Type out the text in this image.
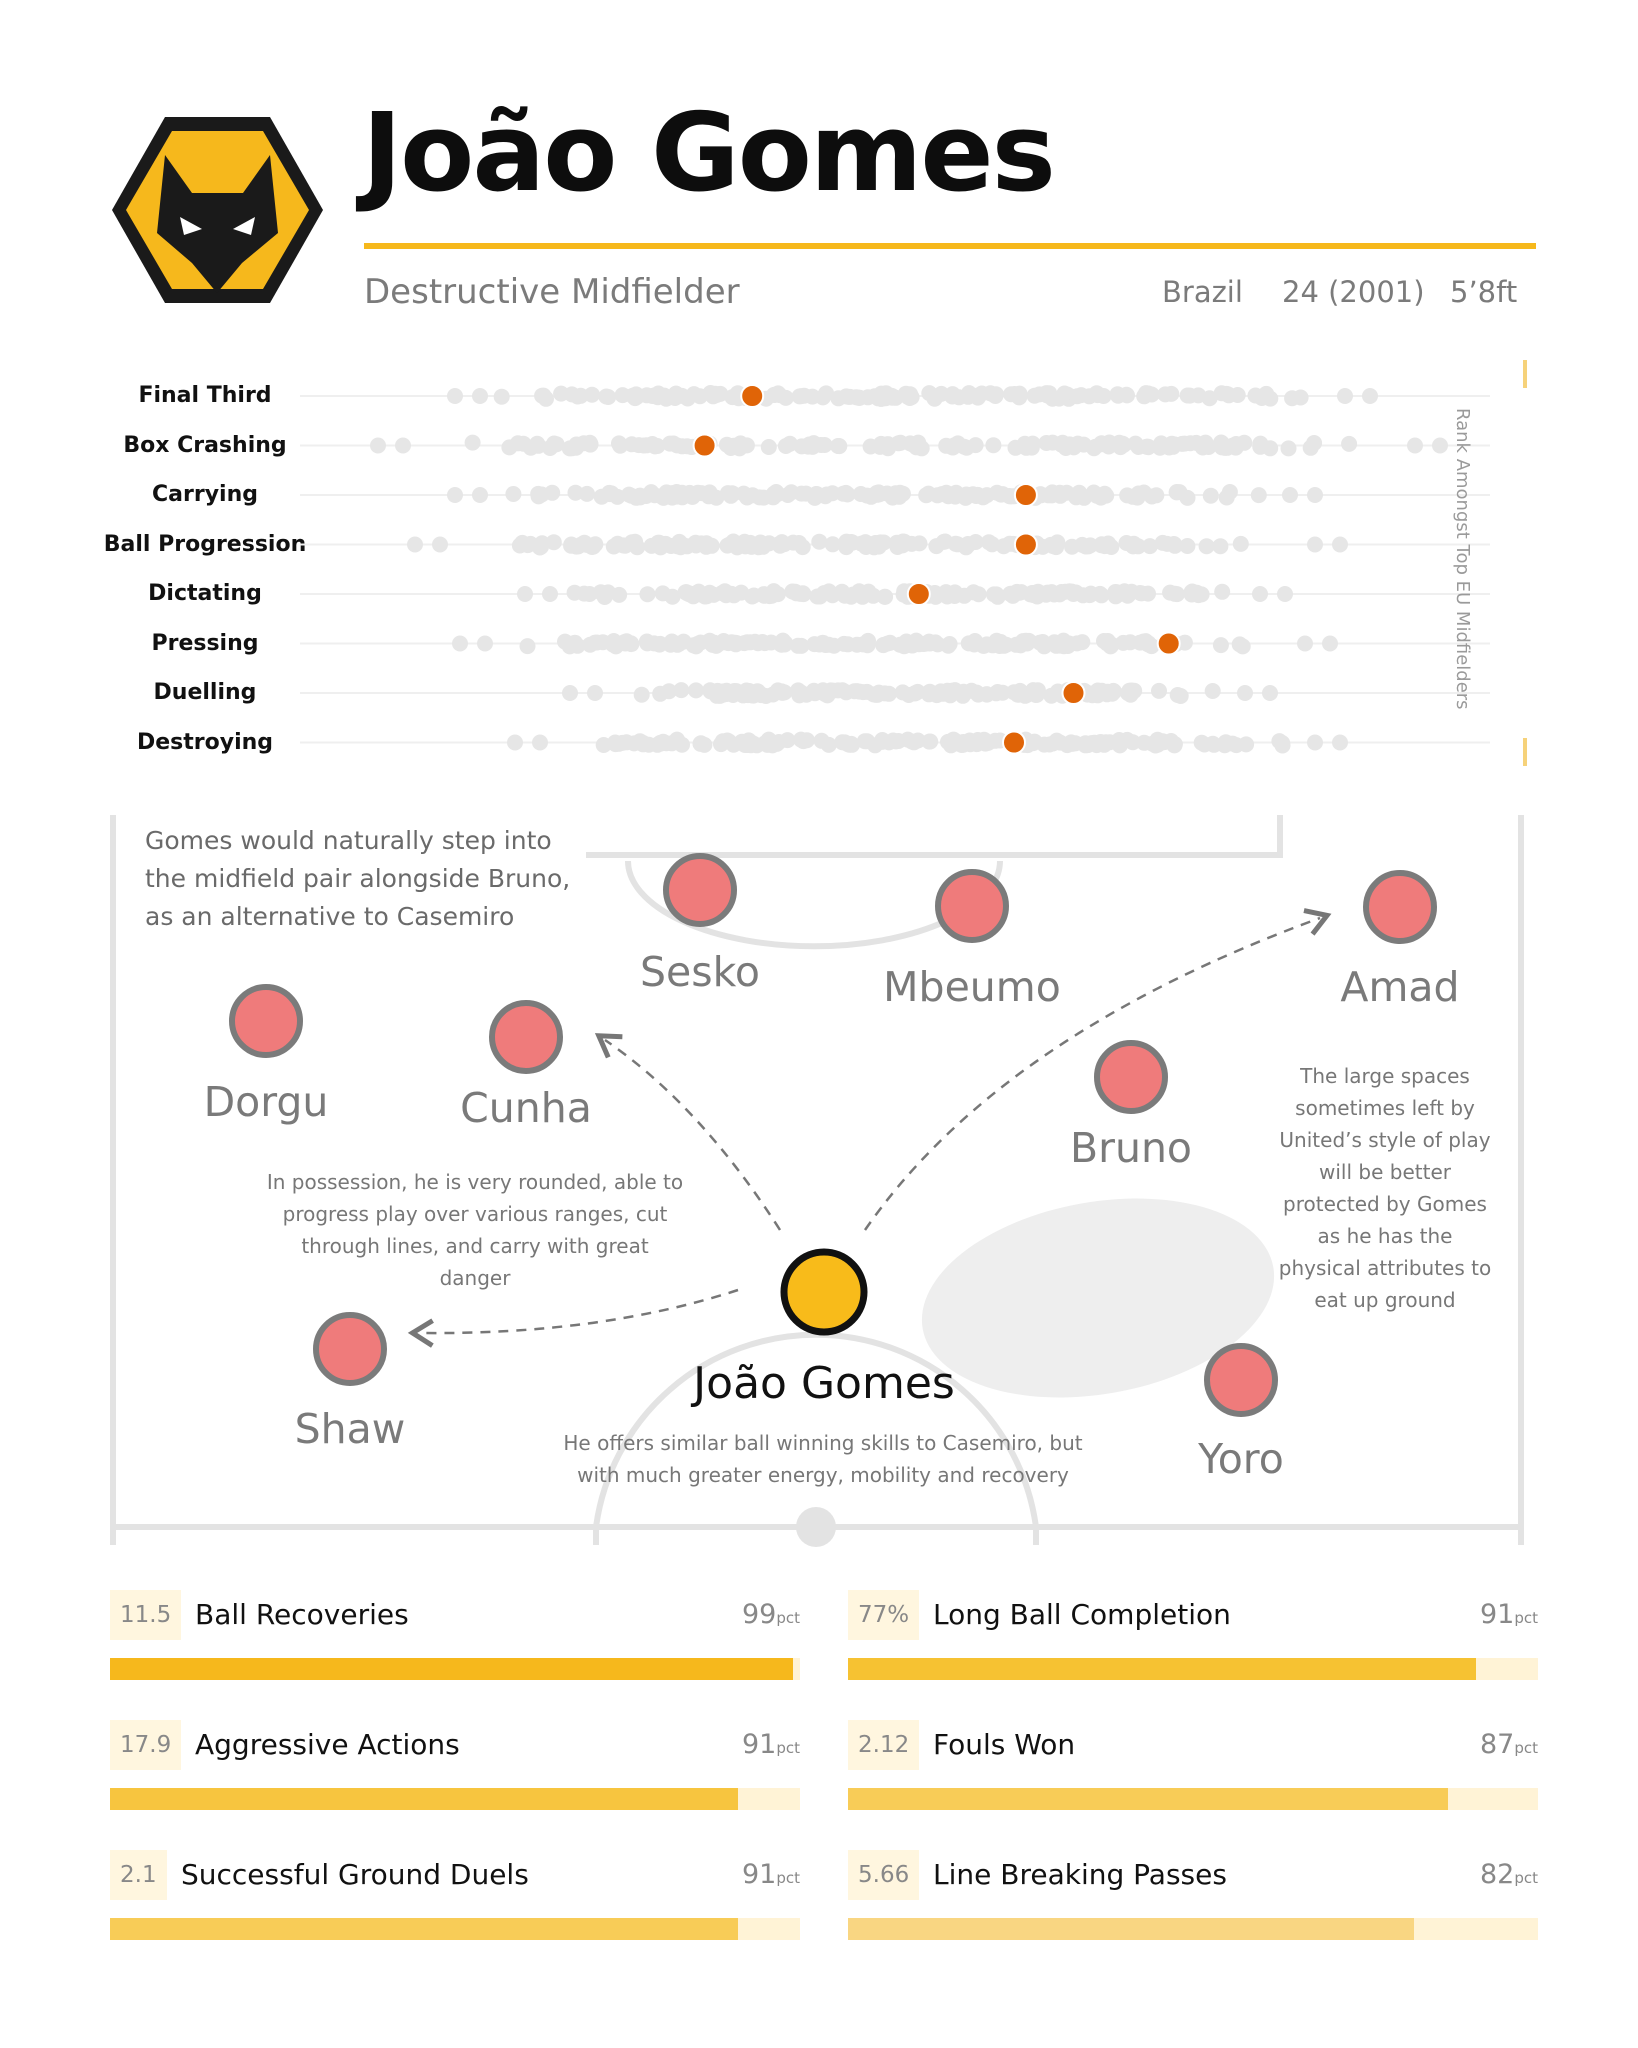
João Gomes
Destructive Midfielder	Brazil 24 (2001) 5’8ft
Final Third
Box Crashing
Carrying
Ball Progression
Dictating
Pressing
Duelling
Destroying
Rank Amongst Top EU Midfielders
Gomes would naturally step into the midfield pair alongside Bruno, as an alternative to Casemiro
In possession, he is very rounded, able to progress play over various ranges, cut through lines, and carry with great danger
The large spaces sometimes left by United’s style of play will be better protected by Gomes as he has the physical attributes to eat up ground
He offers similar ball winning skills to Casemiro, but with much greater energy, mobility and recovery
Sesko	Mbeumo	Amad
Dorgu	Cunha
Bruno
Shaw
Yoro
João Gomes
11.5 Ball Recoveries	99pct	77% Long Ball Completion	91pct
17.9 Aggressive Actions	91pct	2.12 Fouls Won	87pct
2.1 Successful Ground Duels	91pct	5.66 Line Breaking Passes	82pct
